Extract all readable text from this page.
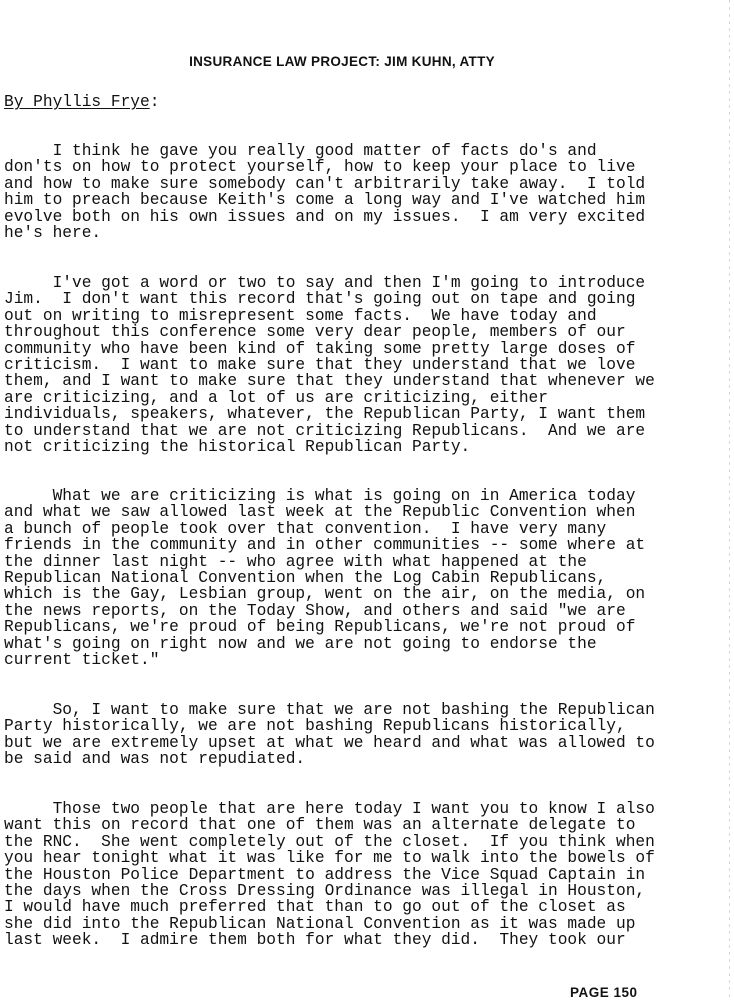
INSURANCE LAW PROJECT: JIM KUHN, ATTY

By Phyllis Frye:

I think he gave you really good matter of facts do's and
don'ts on how to protect yourself, how to keep your place to live
and how to make sure somebody can't arbitrarily take away.  I told
him to preach because Keith's come a long way and I've watched him
evolve both on his own issues and on my issues.  I am very excited
he's here.
I've got a word or two to say and then I'm going to introduce
Jim.  I don't want this record that's going out on tape and going
out on writing to misrepresent some facts.  We have today and
throughout this conference some very dear people, members of our
community who have been kind of taking some pretty large doses of
criticism.  I want to make sure that they understand that we love
them, and I want to make sure that they understand that whenever we
are criticizing, and a lot of us are criticizing, either
individuals, speakers, whatever, the Republican Party, I want them
to understand that we are not criticizing Republicans.  And we are
not criticizing the historical Republican Party.
What we are criticizing is what is going on in America today
and what we saw allowed last week at the Republic Convention when
a bunch of people took over that convention.  I have very many
friends in the community and in other communities -- some where at
the dinner last night -- who agree with what happened at the
Republican National Convention when the Log Cabin Republicans,
which is the Gay, Lesbian group, went on the air, on the media, on
the news reports, on the Today Show, and others and said "we are
Republicans, we're proud of being Republicans, we're not proud of
what's going on right now and we are not going to endorse the
current ticket."
So, I want to make sure that we are not bashing the Republican
Party historically, we are not bashing Republicans historically,
but we are extremely upset at what we heard and what was allowed to
be said and was not repudiated.
Those two people that are here today I want you to know I also
want this on record that one of them was an alternate delegate to
the RNC.  She went completely out of the closet.  If you think when
you hear tonight what it was like for me to walk into the bowels of
the Houston Police Department to address the Vice Squad Captain in
the days when the Cross Dressing Ordinance was illegal in Houston,
I would have much preferred that than to go out of the closet as
she did into the Republican National Convention as it was made up
last week.  I admire them both for what they did.  They took our

PAGE 150
